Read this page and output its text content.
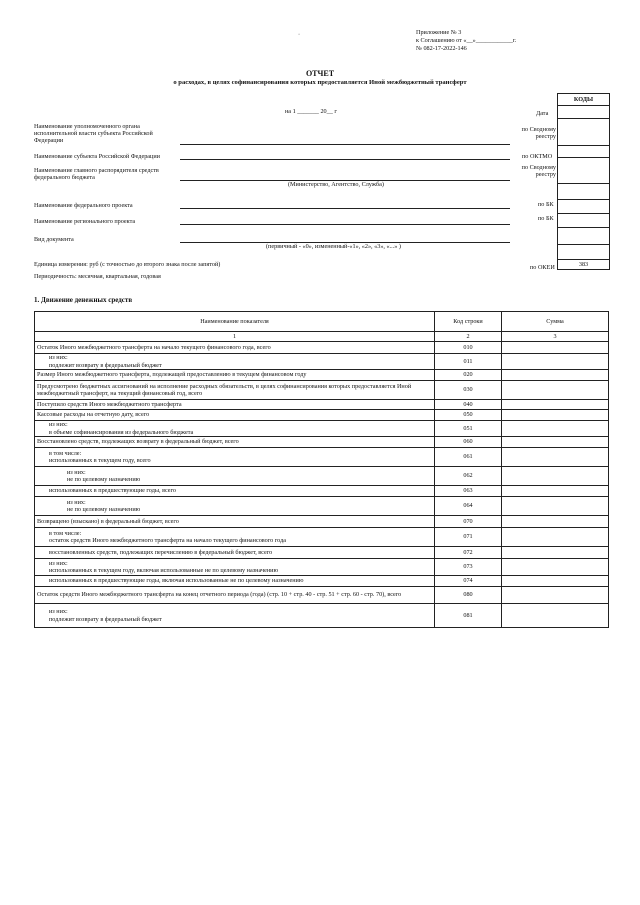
Приложение № 3
к Соглашению от «__»____________г.
№ 082-17-2022-146
·
ОТЧЕТ
о расходах, в целях софинансирования которых предоставляется Иной межбюджетный трансферт
на 1 _______ 20__ г
КОДЫ
383
Дата
по Сводному реестру
по ОКТМО
по Сводному реестру
по БК
по БК
по ОКЕИ
Наименование уполномоченного органа исполнительной власти субъекта Российской Федерации
Наименование субъекта Российской Федерации
Наименование главного распорядителя средств федерального бюджета
(Министерство, Агентство, Служба)
Наименование федерального проекта
Наименование регионального проекта
Вид документа
(первичный - «0», измененный-«1», «2», «3», «...» )
Единица измерения: руб (с точностью до второго знака после запятой)
Периодичность: месячная, квартальная, годовая
1. Движение денежных средств
Наименование показателя	Код строки	Сумма
1	2	3
Остаток Иного межбюджетного трансферта на начало текущего финансового года, всего	010	
из них:
подлежит возврату в федеральный бюджет	011	
Размер Иного межбюджетного трансферта, подлежащей предоставлению в текущем финансовом году	020	
Предусмотрено бюджетных ассигнований на исполнение расходных обязательств, в целях софинансирования которых предоставляется Иной межбюджетный трансферт, на текущий финансовый год, всего	030	
Поступило средств Иного межбюджетного трансферта	040	
Кассовые расходы на отчетную дату, всего	050	
из них:
в объеме софинансирования из федерального бюджета	051	
Восстановлено средств, подлежащих возврату в федеральный бюджет, всего	060	
в том числе:
использованных в текущем году, всего	061	
из них:
не по целевому назначению	062	
использованных в предшествующие годы, всего	063	
из них:
не по целевому назначению	064	
Возвращено (взыскано) в федеральный бюджет, всего	070	
в том числе:
остаток средств Иного межбюджетного трансферта на начало текущего финансового года	071	
восстановленных средств, подлежащих перечислению в федеральный бюджет, всего	072	
из них:
использованных в текущем году, включая использованные не по целевому назначению	073	
использованных в предшествующие годы, включая использованные не по целевому назначению	074	
Остаток средств Иного межбюджетного трансферта на конец отчетного периода (года) (стр. 10 + стр. 40 - стр. 51 + стр. 60 - стр. 70), всего	080	
из них:
подлежит возврату в федеральный бюджет	081	
